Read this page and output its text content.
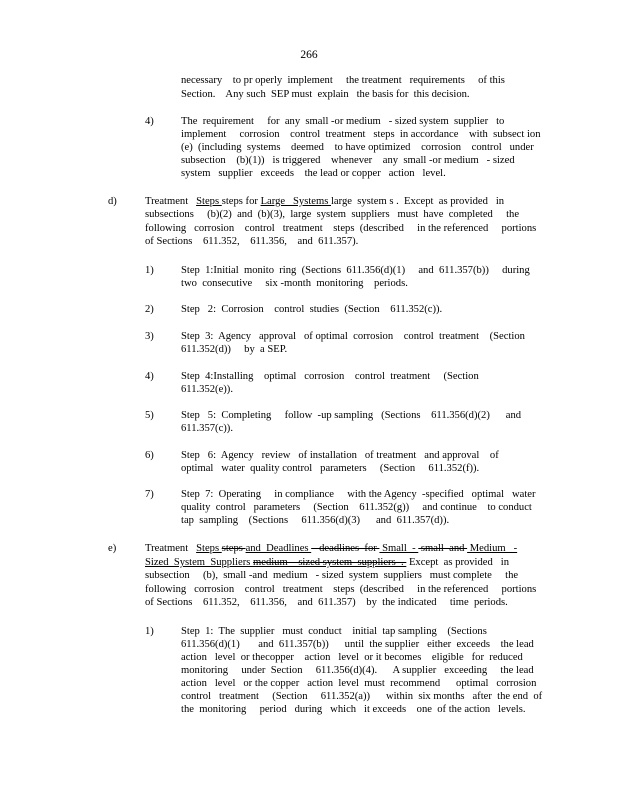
266
necessary    to pr operly  implement     the treatment   requirements     of this
Section.    Any such  SEP must  explain   the basis for  this decision.
4)	The  requirement     for  any  small -or medium   - sized system  supplier   to
implement     corrosion    control  treatment   steps  in accordance    with  subsect ion
(e)  (including  systems    deemed    to have optimized    corrosion    control   under
subsection    (b)(1))   is triggered    whenever    any  small -or medium   - sized
system   supplier   exceeds    the lead or copper   action   level.
d)	Treatment   Steps steps for Large   Systems large  system s .  Except  as provided   in
subsections     (b)(2)  and  (b)(3),  large  system  suppliers   must  have  completed     the
following   corrosion    control   treatment    steps  (described     in the referenced     portions
of Sections    611.352,    611.356,    and  611.357).
1)	Step  1:Initial  monito  ring  (Sections  611.356(d)(1)     and  611.357(b))     during
two  consecutive     six -month  monitoring    periods.
2)	Step   2:  Corrosion    control  studies  (Section    611.352(c)).
3)	Step  3:  Agency   approval   of optimal  corrosion    control  treatment    (Section
611.352(d))     by  a SEP.
4)	Step  4:Installing    optimal   corrosion    control  treatment     (Section
611.352(e)).
5)	Step   5:  Completing     follow  -up sampling   (Sections    611.356(d)(2)      and
611.357(c)).
6)	Step   6:  Agency   review   of installation   of treatment   and approval    of
optimal   water  quality control   parameters     (Section     611.352(f)).
7)	Step  7:  Operating     in compliance     with the Agency  -specified   optimal   water
quality  control   parameters     (Section    611.352(g))     and continue    to conduct
tap  sampling    (Sections     611.356(d)(3)      and  611.357(d)).
e)	Treatment   Steps steps and  Deadlines    deadlines  for  Small  -  small  and  Medium   -
Sized  System  Suppliers medium    sized system  suppliers  .  Except  as provided   in
subsection     (b),  small -and  medium   - sized  system  suppliers   must complete     the
following   corrosion    control   treatment    steps  (described     in the referenced     portions
of Sections    611.352,    611.356,    and  611.357)    by  the indicated     time  periods.
1)	Step  1:  The  supplier   must  conduct    initial  tap sampling    (Sections
611.356(d)(1)       and  611.357(b))      until  the supplier   either  exceeds    the lead
action   level  or thecopper    action   level  or it becomes    eligible   for  reduced
monitoring     under  Section     611.356(d)(4).      A supplier   exceeding     the lead
action   level   or the copper   action  level  must  recommend      optimal   corrosion
control   treatment     (Section     611.352(a))      within  six months   after  the end  of
the  monitoring     period   during   which   it exceeds    one  of the action   levels.
